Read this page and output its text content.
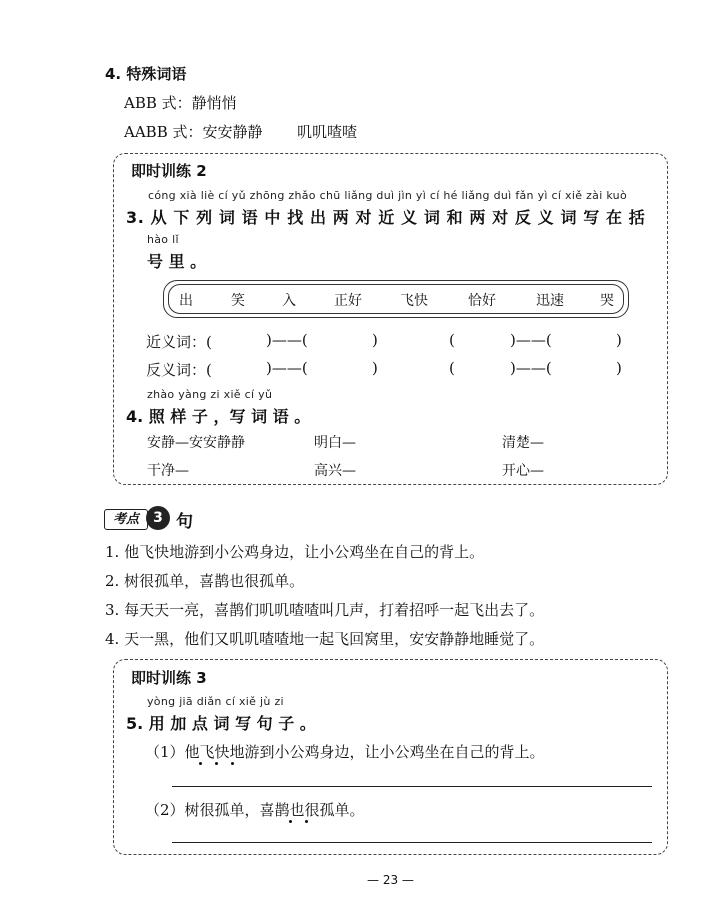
4. 特殊词语
ABB 式：静悄悄
AABB 式：安安静静 叽叽喳喳
即时训练 2
cóng xià liè cí yǔ zhōng zhǎo chū liǎng duì jìn yì cí hé liǎng duì fǎn yì cí xiě zài kuò
3. 从 下 列 词 语 中 找 出 两 对 近 义 词 和 两 对 反 义 词 写 在 括
hào lǐ
号 里 。
出	笑	入	正好	飞快	恰好	迅速	哭
近义词：(	)——(	)	(	)——(	)
反义词：(	)——(	)	(	)——(	)
zhào yàng zi xiě cí yǔ
4. 照 样 子 ，写 词 语 。
安静—安安静静	明白—	清楚—
干净—	高兴—	开心—
考点	3 句
1. 他飞快地游到小公鸡身边，让小公鸡坐在自己的背上。
2. 树很孤单，喜鹊也很孤单。
3. 每天天一亮，喜鹊们叽叽喳喳叫几声，打着招呼一起飞出去了。
4. 天一黑，他们又叽叽喳喳地一起飞回窝里，安安静静地睡觉了。
即时训练 3
yòng jiā diǎn cí xiě jù zi
5. 用 加 点 词 写 句 子 。
（1）他飞快地游到小公鸡身边，让小公鸡坐在自己的背上。
（2）树很孤单，喜鹊也很孤单。
— 23 —
